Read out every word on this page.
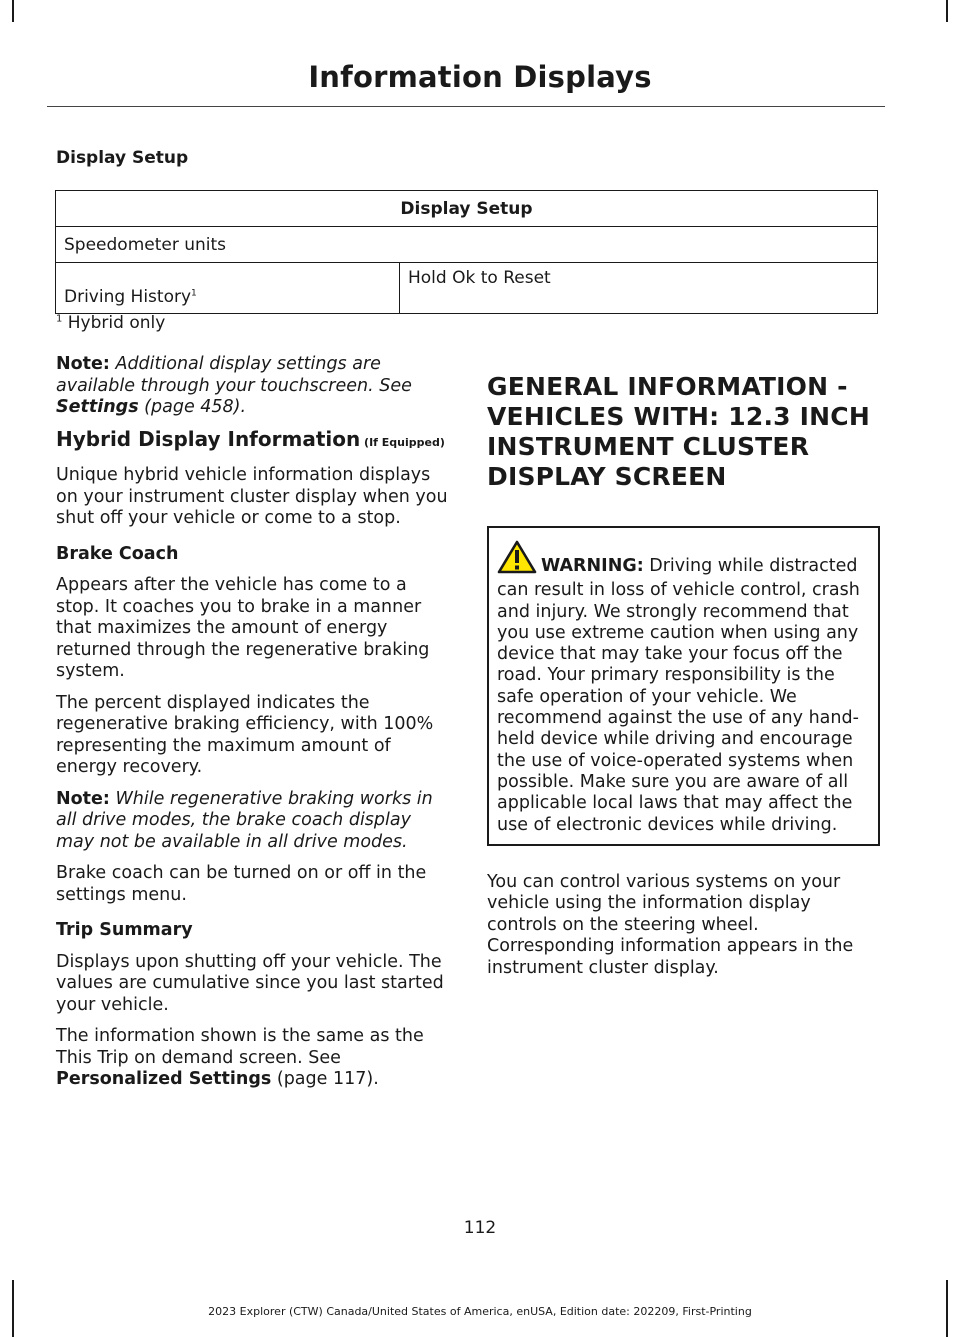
Information Displays
Display Setup
Display Setup
Speedometer units
Driving History$^1$	Hold Ok to Reset
$^1$ Hybrid only

Note: Additional display settings are available through your touchscreen. See Settings (page 458).

Hybrid Display Information (If Equipped)

Unique hybrid vehicle information displays on your instrument cluster display when you shut off your vehicle or come to a stop.

Brake Coach

Appears after the vehicle has come to a stop. It coaches you to brake in a manner that maximizes the amount of energy returned through the regenerative braking system.

The percent displayed indicates the regenerative braking efficiency, with 100% representing the maximum amount of energy recovery.

Note: While regenerative braking works in all drive modes, the brake coach display may not be available in all drive modes.

Brake coach can be turned on or off in the settings menu.

Trip Summary

Displays upon shutting off your vehicle. The values are cumulative since you last started your vehicle.

The information shown is the same as the This Trip on demand screen. See Personalized Settings (page 117).

GENERAL INFORMATION - VEHICLES WITH: 12.3 INCH INSTRUMENT CLUSTER DISPLAY SCREEN
WARNING: Driving while distracted can result in loss of vehicle control, crash and injury. We strongly recommend that you use extreme caution when using any device that may take your focus off the road. Your primary responsibility is the safe operation of your vehicle. We recommend against the use of any hand-held device while driving and encourage the use of voice-operated systems when possible. Make sure you are aware of all applicable local laws that may affect the use of electronic devices while driving.

You can control various systems on your vehicle using the information display controls on the steering wheel. Corresponding information appears in the instrument cluster display.

112
2023 Explorer (CTW) Canada/United States of America, enUSA, Edition date: 202209, First-Printing
